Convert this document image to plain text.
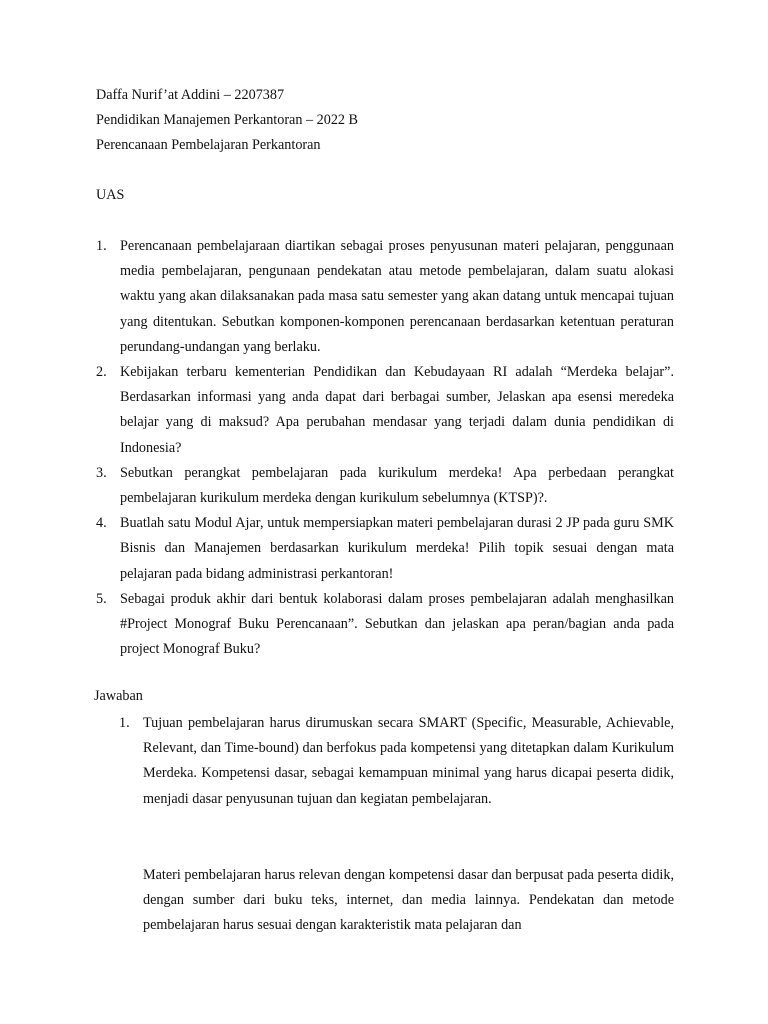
Daffa Nurif’at Addini – 2207387
Pendidikan Manajemen Perkantoran – 2022 B
Perencanaan Pembelajaran Perkantoran
UAS
1. Perencanaan pembelajaraan diartikan sebagai proses penyusunan materi pelajaran, penggunaan media pembelajaran, pengunaan pendekatan atau metode pembelajaran, dalam suatu alokasi waktu yang akan dilaksanakan pada masa satu semester yang akan datang untuk mencapai tujuan yang ditentukan. Sebutkan komponen-komponen perencanaan berdasarkan ketentuan peraturan perundang-undangan yang berlaku.
2. Kebijakan terbaru kementerian Pendidikan dan Kebudayaan RI adalah “Merdeka belajar”. Berdasarkan informasi yang anda dapat dari berbagai sumber, Jelaskan apa esensi meredeka belajar yang di maksud? Apa perubahan mendasar yang terjadi dalam dunia pendidikan di Indonesia?
3. Sebutkan perangkat pembelajaran pada kurikulum merdeka! Apa perbedaan perangkat pembelajaran kurikulum merdeka dengan kurikulum sebelumnya (KTSP)?.
4. Buatlah satu Modul Ajar, untuk mempersiapkan materi pembelajaran durasi 2 JP pada guru SMK Bisnis dan Manajemen berdasarkan kurikulum merdeka! Pilih topik sesuai dengan mata pelajaran pada bidang administrasi perkantoran!
5. Sebagai produk akhir dari bentuk kolaborasi dalam proses pembelajaran adalah menghasilkan #Project Monograf Buku Perencanaan”. Sebutkan dan jelaskan apa peran/bagian anda pada project Monograf Buku?
Jawaban
1. Tujuan pembelajaran harus dirumuskan secara SMART (Specific, Measurable, Achievable, Relevant, dan Time-bound) dan berfokus pada kompetensi yang ditetapkan dalam Kurikulum Merdeka. Kompetensi dasar, sebagai kemampuan minimal yang harus dicapai peserta didik, menjadi dasar penyusunan tujuan dan kegiatan pembelajaran.
Materi pembelajaran harus relevan dengan kompetensi dasar dan berpusat pada peserta didik, dengan sumber dari buku teks, internet, dan media lainnya. Pendekatan dan metode pembelajaran harus sesuai dengan karakteristik mata pelajaran dan
